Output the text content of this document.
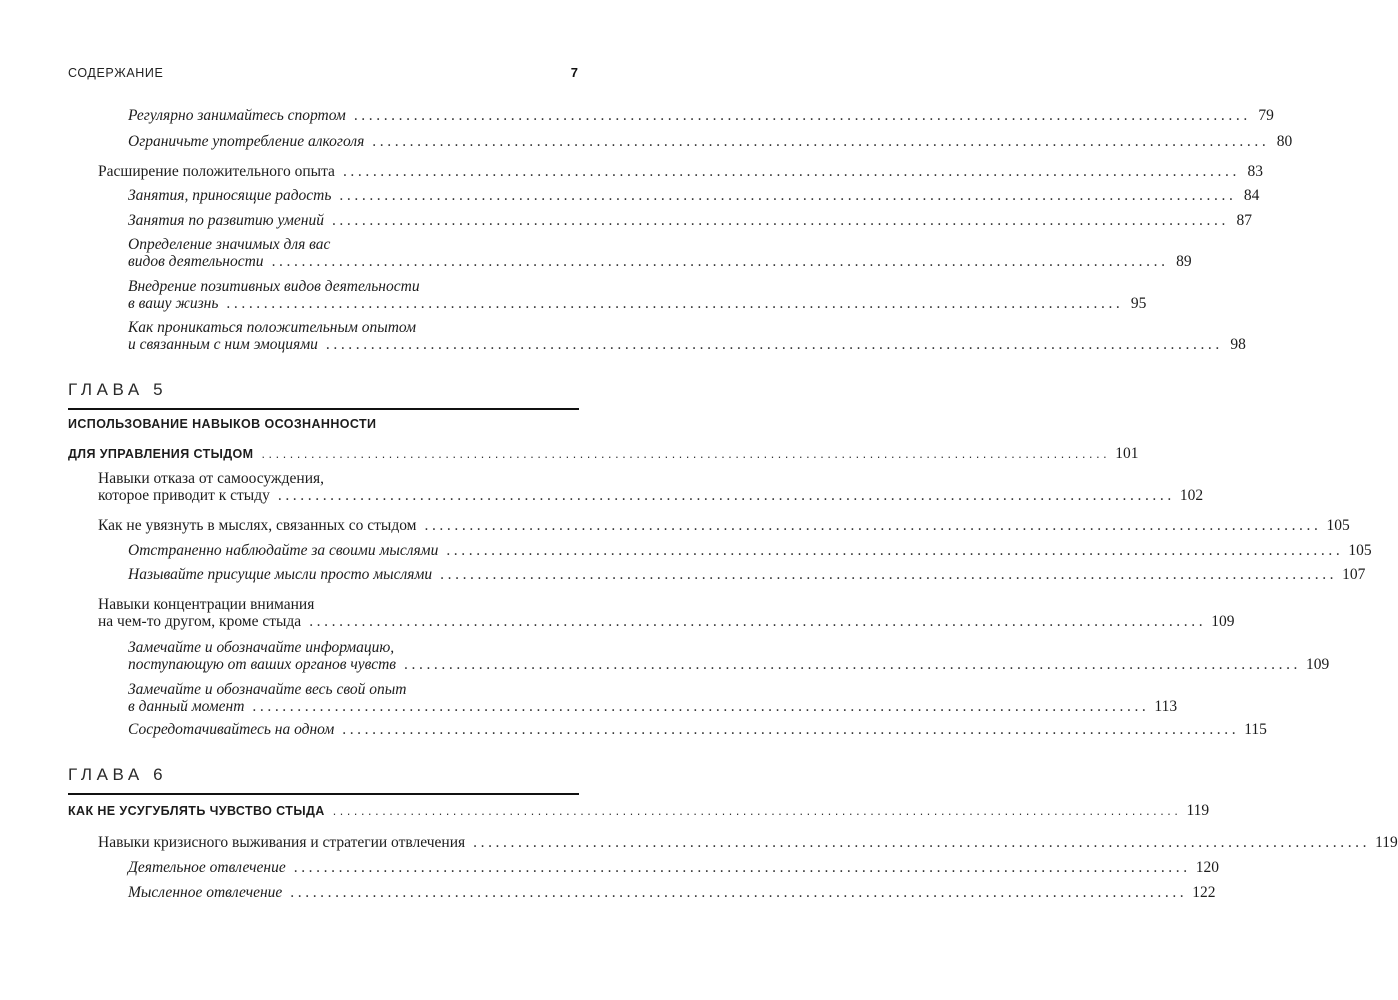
СОДЕРЖАНИЕ	7
Регулярно занимайтесь спортом ........................................................................................................................ 79
Ограничьте употребление алкоголя ........................................................................................................................ 80
Расширение положительного опыта ........................................................................................................................ 83
Занятия, приносящие радость ........................................................................................................................ 84
Занятия по развитию умений ........................................................................................................................ 87
Определение значимых для вас
видов деятельности ........................................................................................................................ 89
Внедрение позитивных видов деятельности
в вашу жизнь ........................................................................................................................ 95
Как проникаться положительным опытом
и связанным с ним эмоциями ........................................................................................................................ 98
ГЛАВА 5
ИСПОЛЬЗОВАНИЕ НАВЫКОВ ОСОЗНАННОСТИ
ДЛЯ УПРАВЛЕНИЯ СТЫДОМ ........................................................................................................................ 101
Навыки отказа от самоосуждения,
которое приводит к стыду ........................................................................................................................ 102
Как не увязнуть в мыслях, связанных со стыдом ........................................................................................................................ 105
Отстраненно наблюдайте за своими мыслями ........................................................................................................................ 105
Называйте присущие мысли просто мыслями ........................................................................................................................ 107
Навыки концентрации внимания
на чем-то другом, кроме стыда ........................................................................................................................ 109
Замечайте и обозначайте информацию,
поступающую от ваших органов чувств ........................................................................................................................ 109
Замечайте и обозначайте весь свой опыт
в данный момент ........................................................................................................................ 113
Сосредотачивайтесь на одном ........................................................................................................................ 115
ГЛАВА 6
КАК НЕ УСУГУБЛЯТЬ ЧУВСТВО СТЫДА ........................................................................................................................ 119
Навыки кризисного выживания и стратегии отвлечения ........................................................................................................................ 119
Деятельное отвлечение ........................................................................................................................ 120
Мысленное отвлечение ........................................................................................................................ 122
